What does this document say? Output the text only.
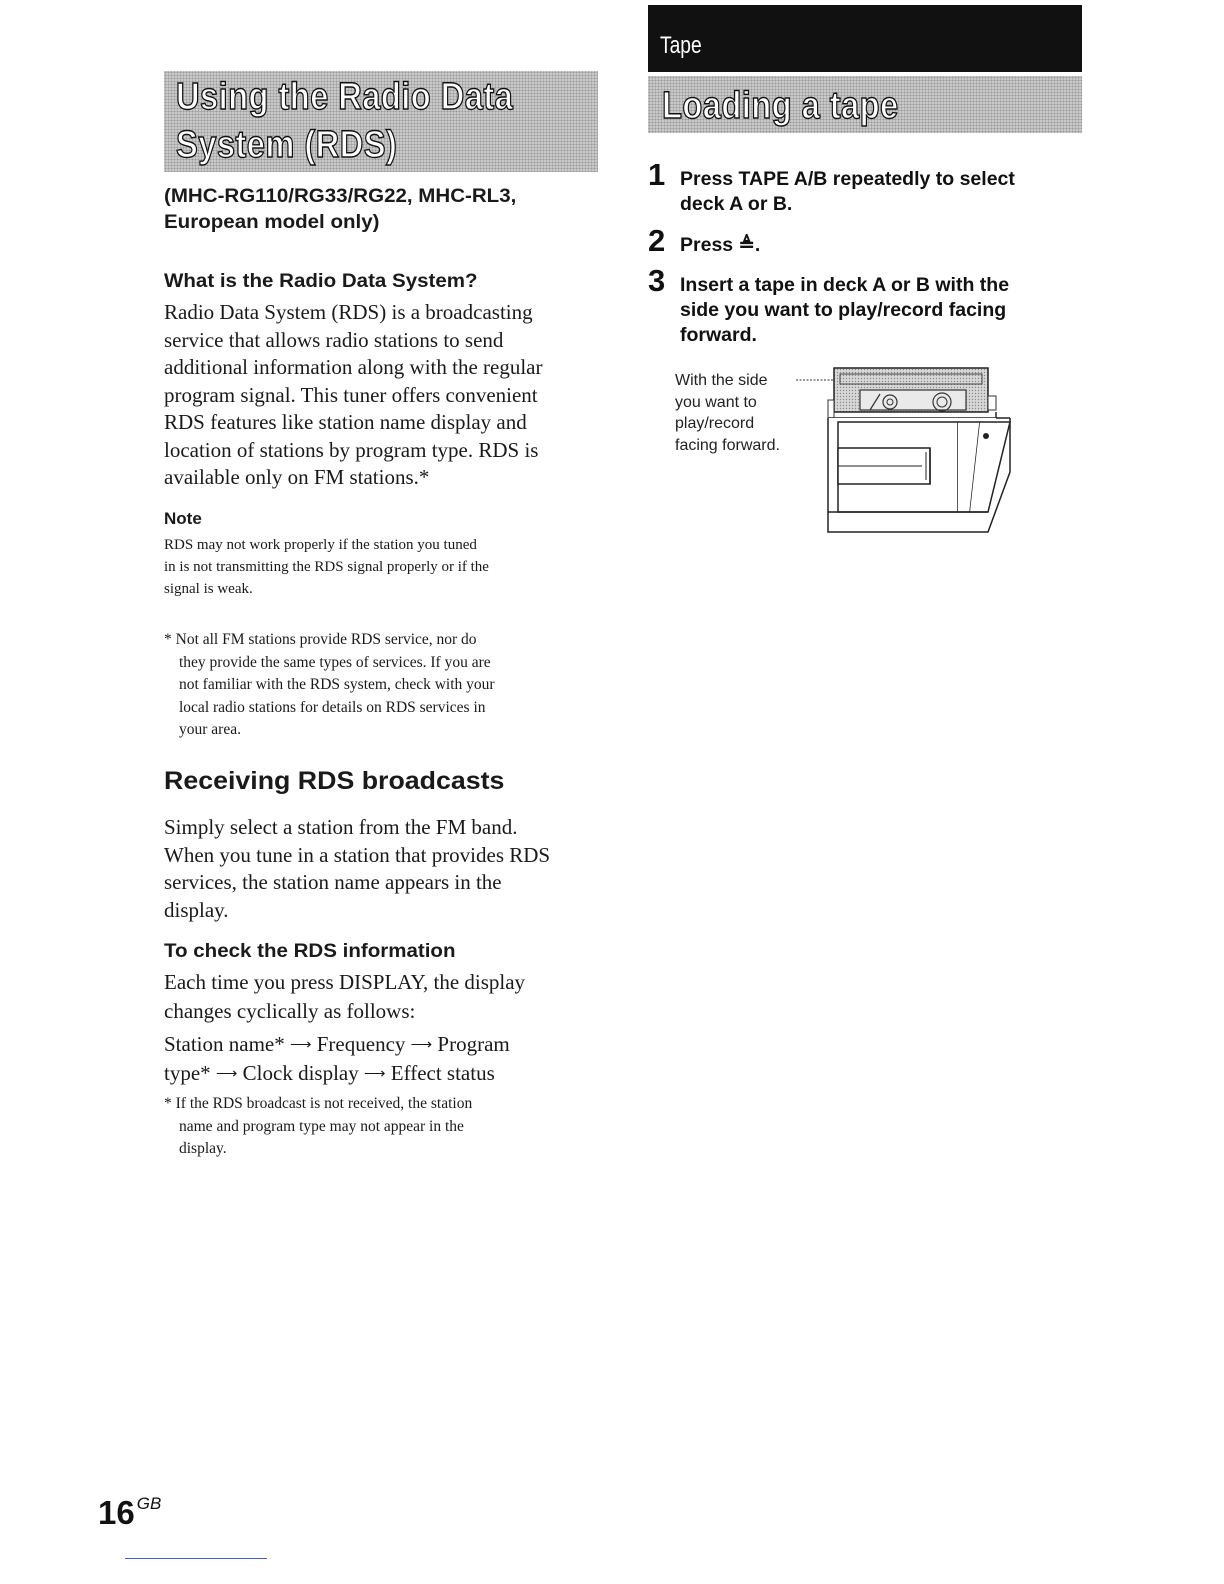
Using the Radio Data
System (RDS)
(MHC-RG110/RG33/RG22, MHC-RL3,
European model only)
What is the Radio Data System?
Radio Data System (RDS) is a broadcasting
service that allows radio stations to send
additional information along with the regular
program signal. This tuner offers convenient
RDS features like station name display and
location of stations by program type. RDS is
available only on FM stations.*
Note
RDS may not work properly if the station you tuned
in is not transmitting the RDS signal properly or if the
signal is weak.
* Not all FM stations provide RDS service, nor do
they provide the same types of services. If you are
not familiar with the RDS system, check with your
local radio stations for details on RDS services in
your area.
Receiving RDS broadcasts
Simply select a station from the FM band.
When you tune in a station that provides RDS
services, the station name appears in the
display.
To check the RDS information
Each time you press DISPLAY, the display
changes cyclically as follows:
Station name* ⟶ Frequency ⟶ Program
type* ⟶ Clock display ⟶ Effect status
* If the RDS broadcast is not received, the station
name and program type may not appear in the
display.
Tape
Loading a tape
1 Press TAPE A/B repeatedly to select
deck A or B.
2 Press ≜.
3 Insert a tape in deck A or B with the
side you want to play/record facing
forward.
With the side
you want to
play/record
facing forward.
16 $^{GB}$
